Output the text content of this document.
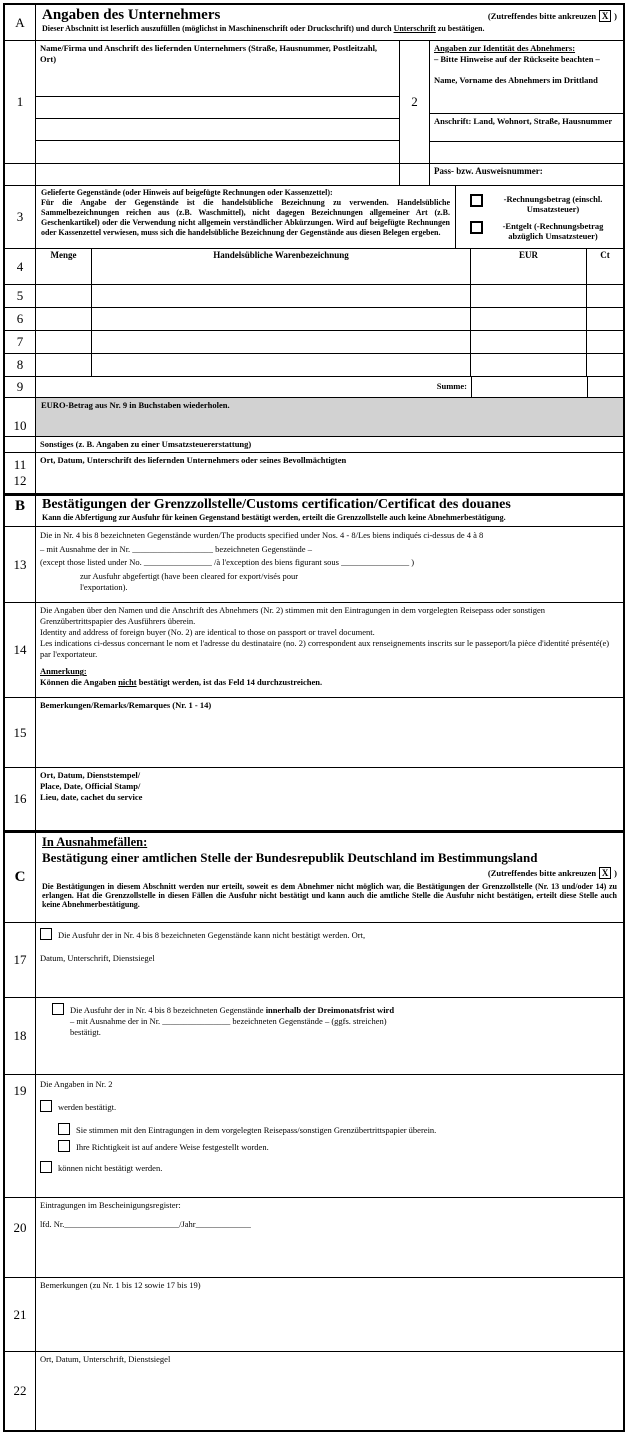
A	Angaben des Unternehmers	(Zutreffendes bitte ankreuzen X )
Dieser Abschnitt ist leserlich auszufüllen (möglichst in Maschinenschrift oder Druckschrift) und durch Unterschrift zu bestätigen.
1
Name/Firma und Anschrift des liefernden Unternehmers (Straße, Hausnummer, Postleitzahl, Ort)
2
Angaben zur Identität des Abnehmers:
– Bitte Hinweise auf der Rückseite beachten –
Name, Vorname des Abnehmers im Drittland
Anschrift: Land, Wohnort, Straße, Hausnummer
Pass- bzw. Ausweisnummer:
3
Gelieferte Gegenstände (oder Hinweis auf beigefügte Rechnungen oder Kassenzettel):
Für die Angabe der Gegenstände ist die handelsübliche Bezeichnung zu verwenden. Handelsübliche Sammelbezeichnungen reichen aus (z.B. Waschmittel), nicht dagegen Bezeichnungen allgemeiner Art (z.B. Geschenkartikel) oder die Verwendung nicht allgemein verständlicher Abkürzungen. Wird auf beigefügte Rechnungen oder Kassenzettel verwiesen, muss sich die handelsübliche Bezeichnung der Gegenstände aus diesen Belegen ergeben.
-Rechnungsbetrag (einschl. Umsatzsteuer)
-Entgelt (-Rechnungsbetrag abzüglich Umsatzsteuer)
4
Menge	Handelsübliche Warenbezeichnung	EUR	Ct
5
6
7
8
9	Summe:
10
EURO-Betrag aus Nr. 9 in Buchstaben wiederholen.
Sonstiges (z. B. Angaben zu einer Umsatzsteuererstattung)
11
12
Ort, Datum, Unterschrift des liefernden Unternehmers oder seines Bevollmächtigten
B	Bestätigungen der Grenzzollstelle/Customs certification/Certificat des douanes
Kann die Abfertigung zur Ausfuhr für keinen Gegenstand bestätigt werden, erteilt die Grenzzollstelle auch keine Abnehmerbestätigung.
13
Die in Nr. 4 bis 8 bezeichneten Gegenstände wurden/The products specified under Nos. 4 - 8/Les biens indiqués ci-dessus de 4 à 8
– mit Ausnahme der in Nr. ___________________ bezeichneten Gegenstände –
(except those listed under No. ________________ /à l'exception des biens figurant sous ________________ )
zur Ausfuhr abgefertigt (have been cleared for export/visés pour
l'exportation).
14
Die Angaben über den Namen und die Anschrift des Abnehmers (Nr. 2) stimmen mit den Eintragungen in dem vorgelegten Reisepass oder sonstigen Grenzübertrittspapier des Ausführers überein.
Identity and address of foreign buyer (No. 2) are identical to those on passport or travel document.
Les indications ci-dessus concernant le nom et l'adresse du destinataire (no. 2) correspondent aux renseignements inscrits sur le passeport/la pièce d'identité présenté(e) par l'exportateur.
Anmerkung:
Können die Angaben nicht bestätigt werden, ist das Feld 14 durchzustreichen.
15
Bemerkungen/Remarks/Remarques (Nr. 1 - 14)
16
Ort, Datum, Dienststempel/
Place, Date, Official Stamp/
Lieu, date, cachet du service
C
In Ausnahmefällen:
Bestätigung einer amtlichen Stelle der Bundesrepublik Deutschland im Bestimmungsland
(Zutreffendes bitte ankreuzen X )
Die Bestätigungen in diesem Abschnitt werden nur erteilt, soweit es dem Abnehmer nicht möglich war, die Bestätigungen der Grenzzollstelle (Nr. 13 und/oder 14) zu erlangen. Hat die Grenzzollstelle in diesen Fällen die Ausfuhr nicht bestätigt und kann auch die amtliche Stelle die Ausfuhr nicht bestätigen, erteilt diese Stelle auch keine Abnehmerbestätigung.
17
Die Ausfuhr der in Nr. 4 bis 8 bezeichneten Gegenstände kann nicht bestätigt werden. Ort,
Datum, Unterschrift, Dienstsiegel
18
Die Ausfuhr der in Nr. 4 bis 8 bezeichneten Gegenstände innerhalb der Dreimonatsfrist wird
– mit Ausnahme der in Nr. ________________ bezeichneten Gegenstände – (ggfs. streichen)
bestätigt.
19	Die Angaben in Nr. 2
werden bestätigt.
Sie stimmen mit den Eintragungen in dem vorgelegten Reisepass/sonstigen Grenzübertrittspapier überein.
Ihre Richtigkeit ist auf andere Weise festgestellt worden.
können nicht bestätigt werden.
20
Eintragungen im Bescheinigungsregister:
lfd. Nr.___________________________/Jahr_____________
21
Bemerkungen (zu Nr. 1 bis 12 sowie 17 bis 19)
22
Ort, Datum, Unterschrift, Dienstsiegel
